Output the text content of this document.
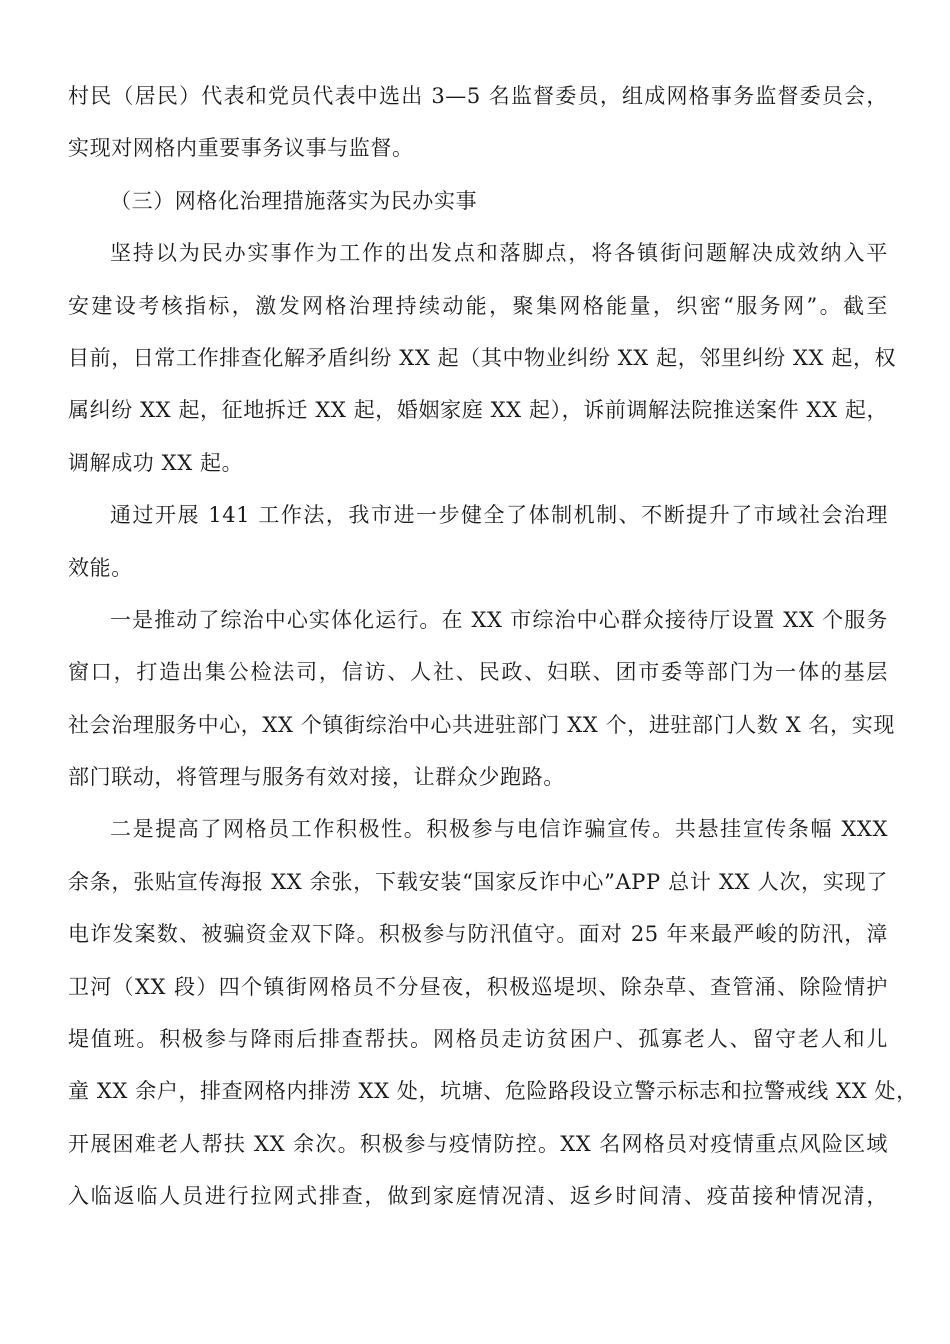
村民（居民）代表和党员代表中选出 3—5 名监督委员，组成网格事务监督委员会，
实现对网格内重要事务议事与监督。
（三）网格化治理措施落实为民办实事
坚持以为民办实事作为工作的出发点和落脚点，将各镇街问题解决成效纳入平
安建设考核指标，激发网格治理持续动能，聚集网格能量，织密“服务网”。截至
目前，日常工作排查化解矛盾纠纷 XX 起（其中物业纠纷 XX 起，邻里纠纷 XX 起，权
属纠纷 XX 起，征地拆迁 XX 起，婚姻家庭 XX 起），诉前调解法院推送案件 XX 起，
调解成功 XX 起。
通过开展 141 工作法，我市进一步健全了体制机制、不断提升了市域社会治理
效能。
一是推动了综治中心实体化运行。在 XX 市综治中心群众接待厅设置 XX 个服务
窗口，打造出集公检法司，信访、人社、民政、妇联、团市委等部门为一体的基层
社会治理服务中心，XX 个镇街综治中心共进驻部门 XX 个，进驻部门人数 X 名，实现
部门联动，将管理与服务有效对接，让群众少跑路。
二是提高了网格员工作积极性。积极参与电信诈骗宣传。共悬挂宣传条幅 XXX
余条，张贴宣传海报 XX 余张，下载安装“国家反诈中心”APP 总计 XX 人次，实现了
电诈发案数、被骗资金双下降。积极参与防汛值守。面对 25 年来最严峻的防汛，漳
卫河（XX 段）四个镇街网格员不分昼夜，积极巡堤坝、除杂草、查管涌、除险情护
堤值班。积极参与降雨后排查帮扶。网格员走访贫困户、孤寡老人、留守老人和儿
童 XX 余户，排查网格内排涝 XX 处，坑塘、危险路段设立警示标志和拉警戒线 XX 处，
开展困难老人帮扶 XX 余次。积极参与疫情防控。XX 名网格员对疫情重点风险区域
入临返临人员进行拉网式排查，做到家庭情况清、返乡时间清、疫苗接种情况清，
